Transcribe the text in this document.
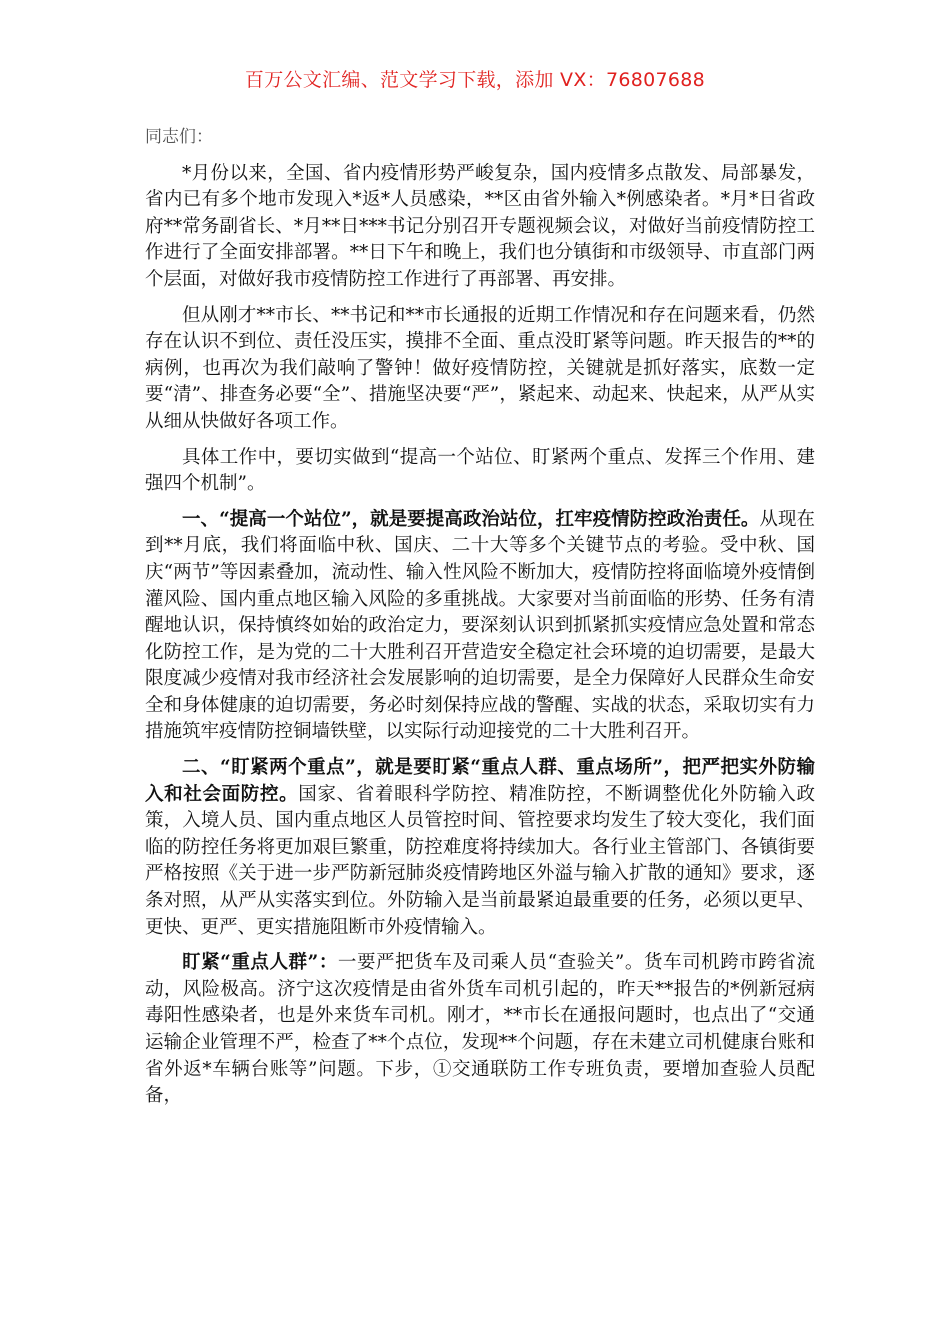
百万公文汇编、范文学习下载，添加 VX：76807688

同志们：

*月份以来，全国、省内疫情形势严峻复杂，国内疫情多点散发、局部暴发，省内已有多个地市发现入*返*人员感染，**区由省外输入*例感染者。*月*日省政府**常务副省长、*月**日***书记分别召开专题视频会议，对做好当前疫情防控工作进行了全面安排部署。**日下午和晚上，我们也分镇街和市级领导、市直部门两个层面，对做好我市疫情防控工作进行了再部署、再安排。

但从刚才**市长、**书记和**市长通报的近期工作情况和存在问题来看，仍然存在认识不到位、责任没压实，摸排不全面、重点没盯紧等问题。昨天报告的**的病例，也再次为我们敲响了警钟！做好疫情防控，关键就是抓好落实，底数一定要“清”、排查务必要“全”、措施坚决要“严”，紧起来、动起来、快起来，从严从实从细从快做好各项工作。

具体工作中，要切实做到“提高一个站位、盯紧两个重点、发挥三个作用、建强四个机制”。

一、“提高一个站位”，就是要提高政治站位，扛牢疫情防控政治责任。从现在到**月底，我们将面临中秋、国庆、二十大等多个关键节点的考验。受中秋、国庆“两节”等因素叠加，流动性、输入性风险不断加大，疫情防控将面临境外疫情倒灌风险、国内重点地区输入风险的多重挑战。大家要对当前面临的形势、任务有清醒地认识，保持慎终如始的政治定力，要深刻认识到抓紧抓实疫情应急处置和常态化防控工作，是为党的二十大胜利召开营造安全稳定社会环境的迫切需要，是最大限度减少疫情对我市经济社会发展影响的迫切需要，是全力保障好人民群众生命安全和身体健康的迫切需要，务必时刻保持应战的警醒、实战的状态，采取切实有力措施筑牢疫情防控铜墙铁壁，以实际行动迎接党的二十大胜利召开。

二、“盯紧两个重点”，就是要盯紧“重点人群、重点场所”，把严把实外防输入和社会面防控。国家、省着眼科学防控、精准防控，不断调整优化外防输入政策，入境人员、国内重点地区人员管控时间、管控要求均发生了较大变化，我们面临的防控任务将更加艰巨繁重，防控难度将持续加大。各行业主管部门、各镇街要严格按照《关于进一步严防新冠肺炎疫情跨地区外溢与输入扩散的通知》要求，逐条对照，从严从实落实到位。外防输入是当前最紧迫最重要的任务，必须以更早、更快、更严、更实措施阻断市外疫情输入。

盯紧“重点人群”：一要严把货车及司乘人员“查验关”。货车司机跨市跨省流动，风险极高。济宁这次疫情是由省外货车司机引起的，昨天**报告的*例新冠病毒阳性感染者，也是外来货车司机。刚才，**市长在通报问题时，也点出了“交通运输企业管理不严，检查了**个点位，发现**个问题，存在未建立司机健康台账和省外返*车辆台账等”问题。下步，①交通联防工作专班负责，要增加查验人员配备，
